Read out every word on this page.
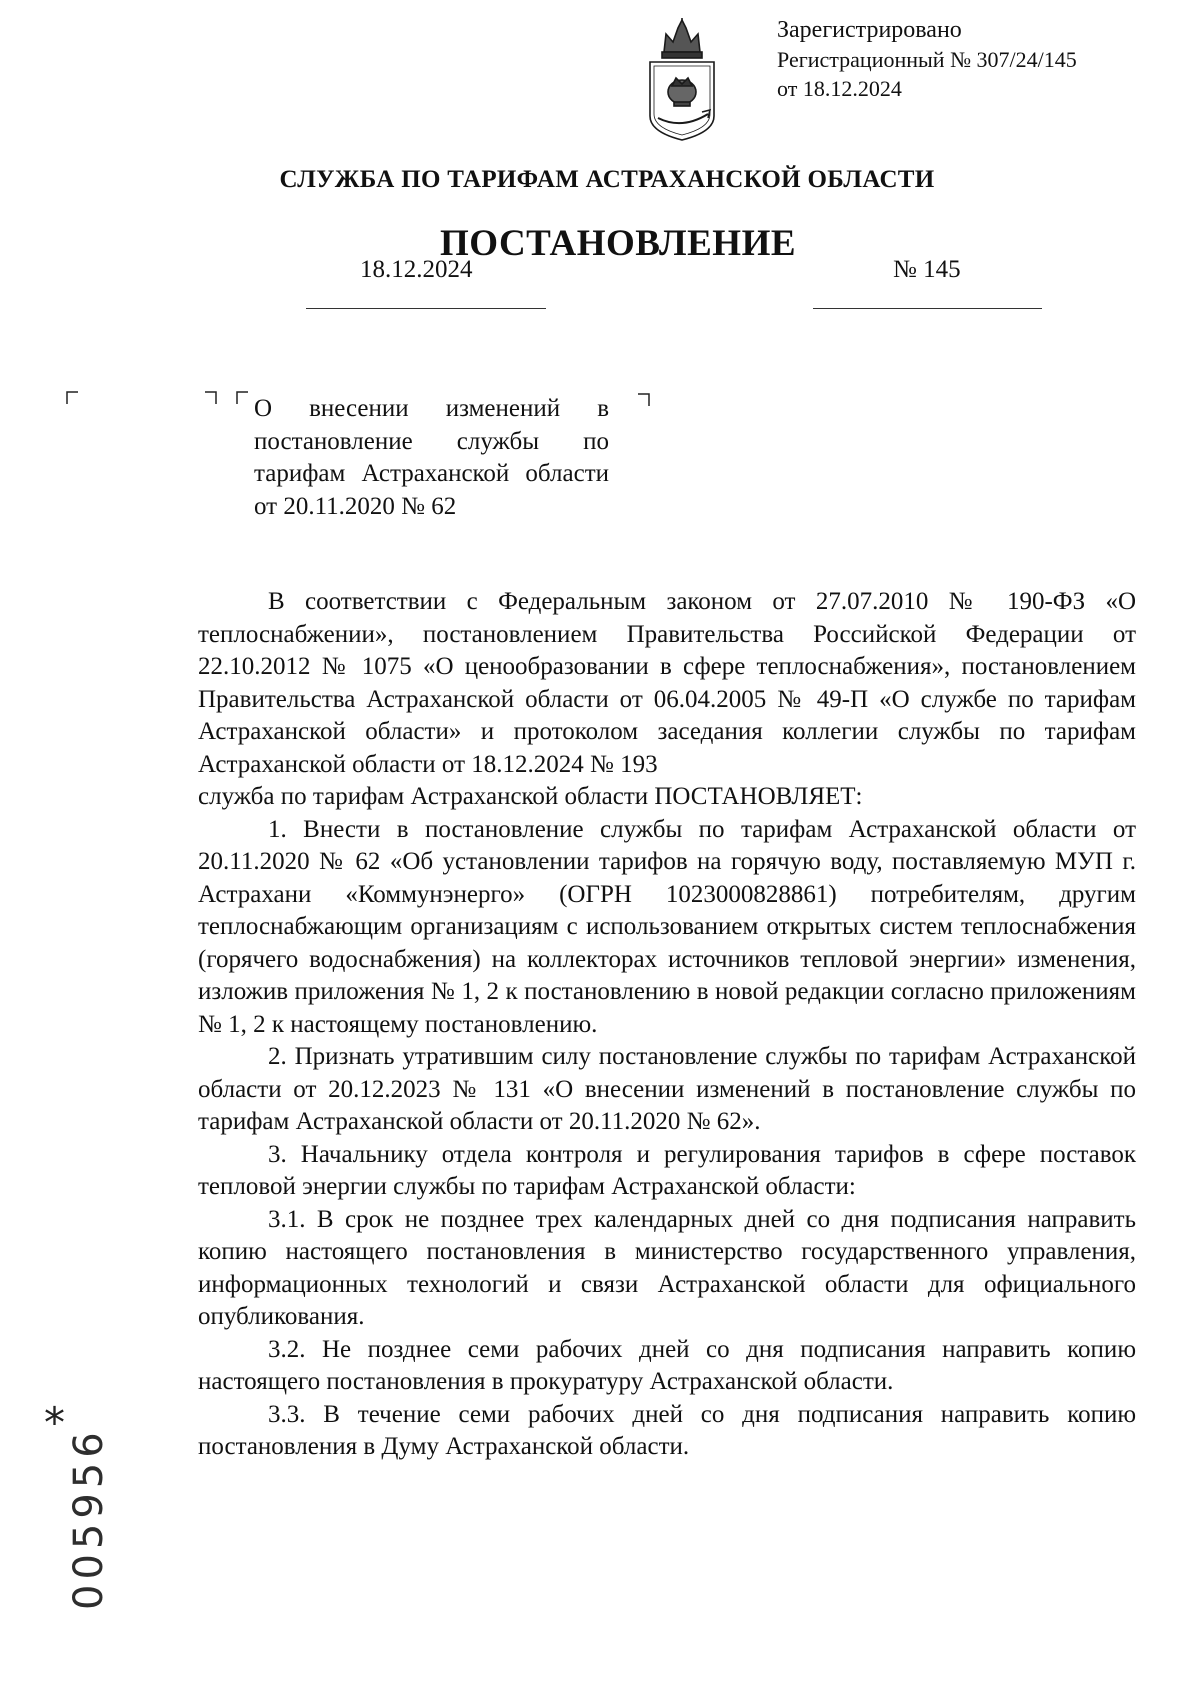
Зарегистрировано
Регистрационный № 307/24/145
от 18.12.2024
СЛУЖБА ПО ТАРИФАМ АСТРАХАНСКОЙ ОБЛАСТИ
ПОСТАНОВЛЕНИЕ
18.12.2024	№ 145
О внесении изменений в постановление службы по тарифам Астраханской области от 20.11.2020 № 62

В соответствии с Федеральным законом от 27.07.2010 № 190-ФЗ «О теплоснабжении», постановлением Правительства Российской Федерации от 22.10.2012 № 1075 «О ценообразовании в сфере теплоснабжения», постановлением Правительства Астраханской области от 06.04.2005 № 49-П «О службе по тарифам Астраханской области» и протоколом заседания коллегии службы по тарифам Астраханской области от 18.12.2024 № 193

служба по тарифам Астраханской области ПОСТАНОВЛЯЕТ:

1. Внести в постановление службы по тарифам Астраханской области от 20.11.2020 № 62 «Об установлении тарифов на горячую воду, поставляемую МУП г. Астрахани «Коммунэнерго» (ОГРН 1023000828861) потребителям, другим теплоснабжающим организациям с использованием открытых систем теплоснабжения (горячего водоснабжения) на коллекторах источников тепловой энергии» изменения, изложив приложения № 1, 2 к постановлению в новой редакции согласно приложениям № 1, 2 к настоящему постановлению.

2. Признать утратившим силу постановление службы по тарифам Астраханской области от 20.12.2023 № 131 «О внесении изменений в постановление службы по тарифам Астраханской области от 20.11.2020 № 62».

3. Начальнику отдела контроля и регулирования тарифов в сфере поставок тепловой энергии службы по тарифам Астраханской области:

3.1. В срок не позднее трех календарных дней со дня подписания направить копию настоящего постановления в министерство государственного управления, информационных технологий и связи Астраханской области для официального опубликования.

3.2. Не позднее семи рабочих дней со дня подписания направить копию настоящего постановления в прокуратуру Астраханской области.

3.3. В течение семи рабочих дней со дня подписания направить копию постановления в Думу Астраханской области.

*
005956
